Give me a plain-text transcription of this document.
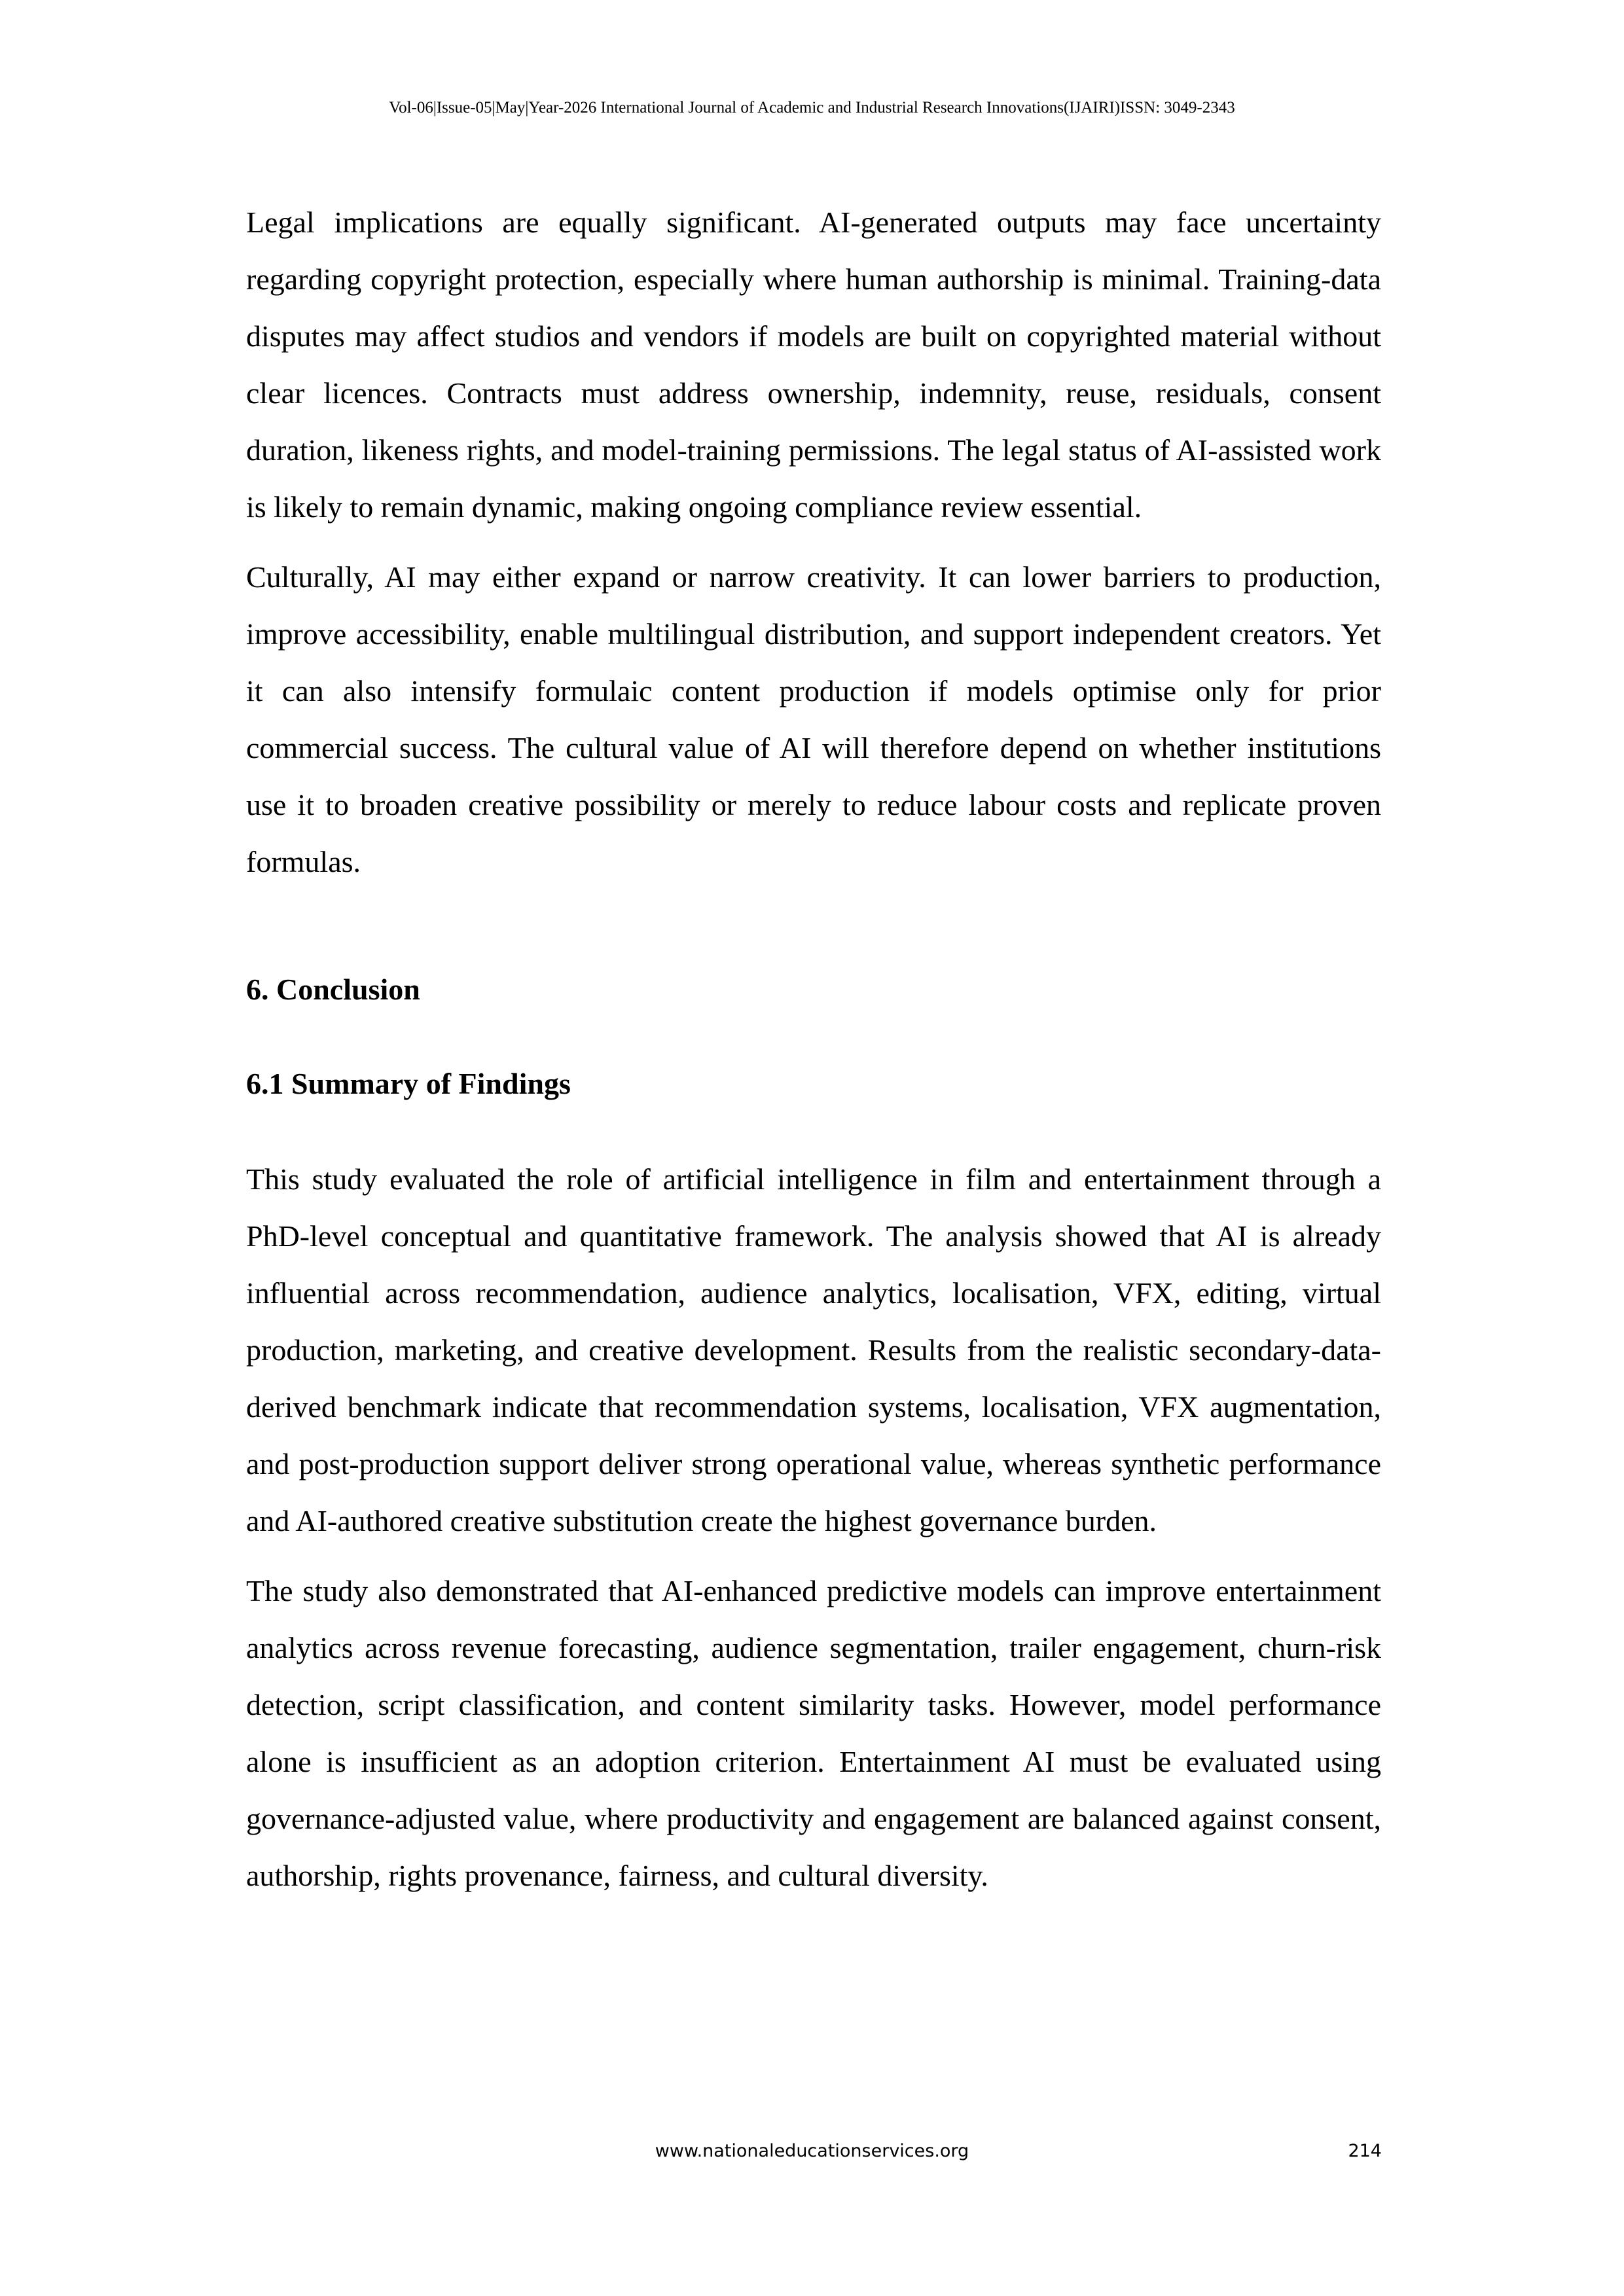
Vol-06|Issue-05|May|Year-2026 International Journal of Academic and Industrial Research Innovations(IJAIRI)ISSN: 3049-2343

Legal implications are equally significant. AI-generated outputs may face uncertainty regarding copyright protection, especially where human authorship is minimal. Training-data disputes may affect studios and vendors if models are built on copyrighted material without clear licences. Contracts must address ownership, indemnity, reuse, residuals, consent duration, likeness rights, and model-training permissions. The legal status of AI-assisted work is likely to remain dynamic, making ongoing compliance review essential.

Culturally, AI may either expand or narrow creativity. It can lower barriers to production, improve accessibility, enable multilingual distribution, and support independent creators. Yet it can also intensify formulaic content production if models optimise only for prior commercial success. The cultural value of AI will therefore depend on whether institutions use it to broaden creative possibility or merely to reduce labour costs and replicate proven formulas.

6. Conclusion
6.1 Summary of Findings

This study evaluated the role of artificial intelligence in film and entertainment through a PhD-level conceptual and quantitative framework. The analysis showed that AI is already influential across recommendation, audience analytics, localisation, VFX, editing, virtual production, marketing, and creative development. Results from the realistic secondary-data-derived benchmark indicate that recommendation systems, localisation, VFX augmentation, and post-production support deliver strong operational value, whereas synthetic performance and AI-authored creative substitution create the highest governance burden.

The study also demonstrated that AI-enhanced predictive models can improve entertainment analytics across revenue forecasting, audience segmentation, trailer engagement, churn-risk detection, script classification, and content similarity tasks. However, model performance alone is insufficient as an adoption criterion. Entertainment AI must be evaluated using governance-adjusted value, where productivity and engagement are balanced against consent, authorship, rights provenance, fairness, and cultural diversity.

www.nationaleducationservices.org	214
